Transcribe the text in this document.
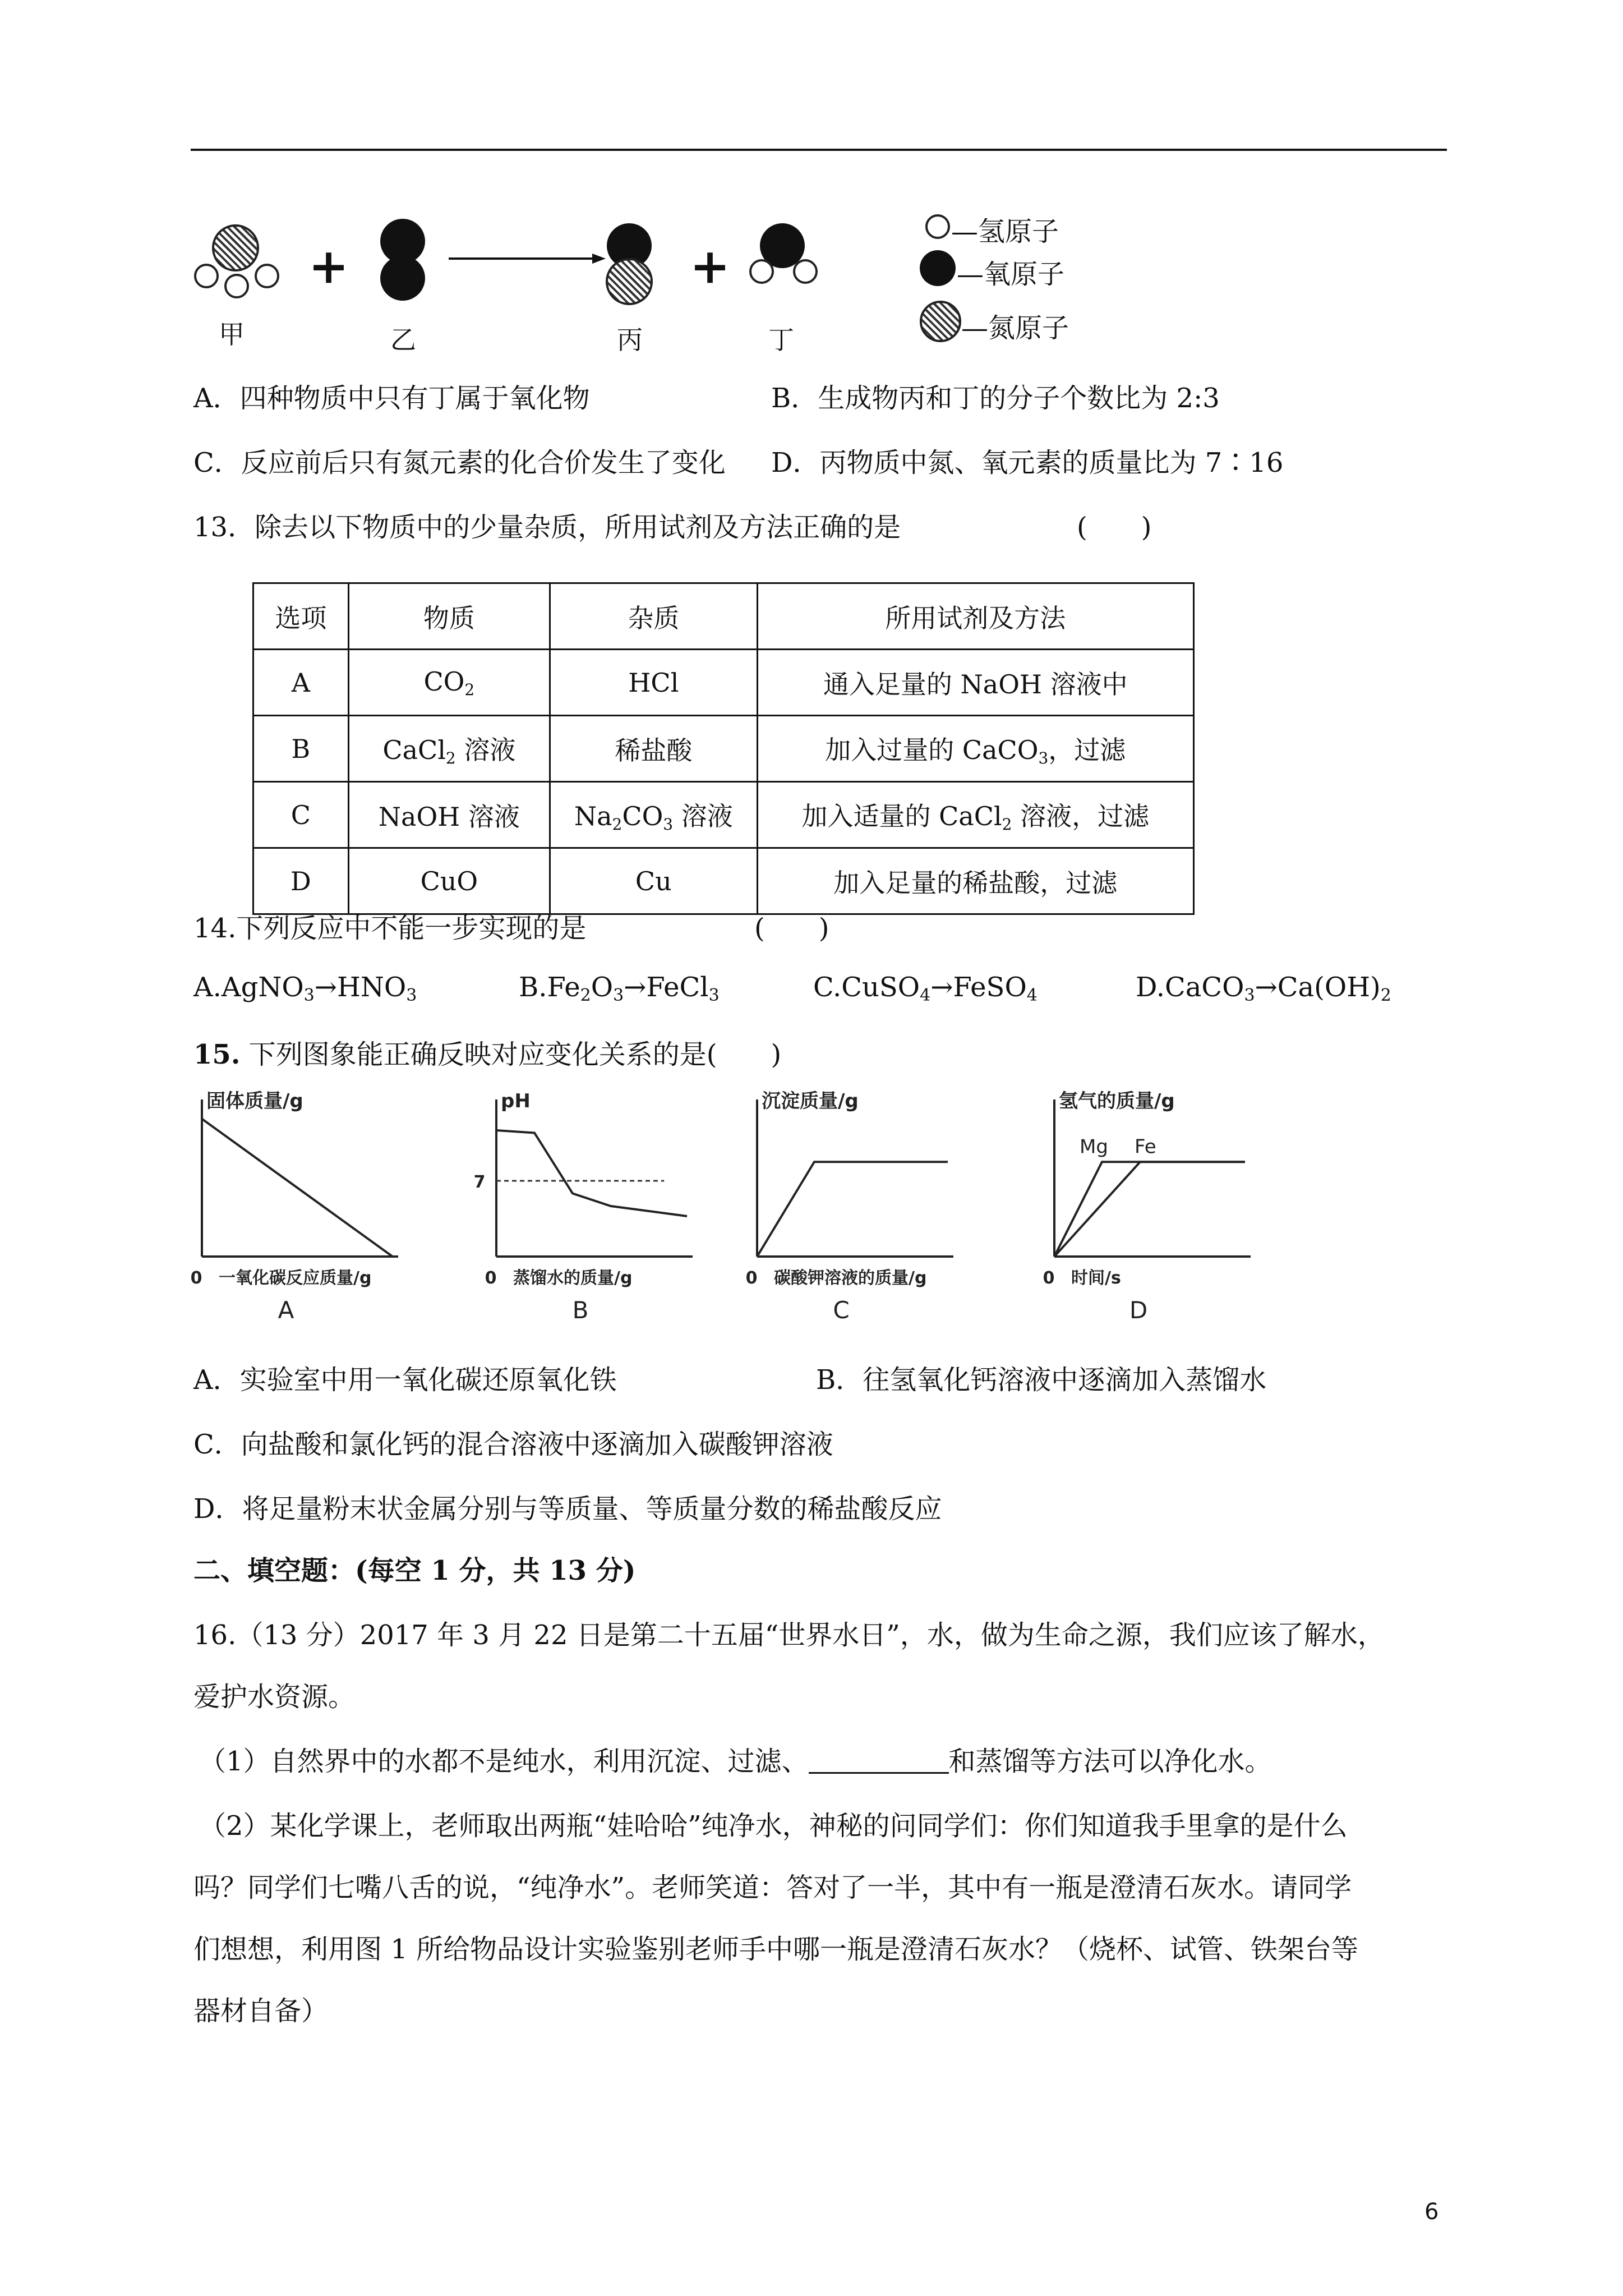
+	+
甲	乙	丙	丁
—氢原子
—氧原子
—氮原子
A．四种物质中只有丁属于氧化物	B．生成物丙和丁的分子个数比为 2:3
C．反应前后只有氮元素的化合价发生了变化 D．丙物质中氮、氧元素的质量比为 7∶16
13．除去以下物质中的少量杂质，所用试剂及方法正确的是	(　　)
选项	物质	杂质	所用试剂及方法
A	$CO_2$	HCl	通入足量的 NaOH 溶液中
B	CaCl$_2$ 溶液	稀盐酸	加入过量的 CaCO$_3$，过滤
C	NaOH 溶液	$Na_2CO_3$ 溶液	加入适量的 CaCl$_2$ 溶液，过滤
D	CuO	Cu	加入足量的稀盐酸，过滤
14.下列反应中不能一步实现的是	(　　)
$A.AgNO_3\to HNO_3$	$B.Fe_2O_3\to FeCl_3$	C.CuSO$_4$→FeSO$_4$	$D.CaCO_3\to Ca(OH)_2$
15. 下列图象能正确反映对应变化关系的是(　　)
固体质量/g
0 一氧化碳反应质量/g
A
pH
0 蒸馏水的质量/g
B
7
沉淀质量/g
0 碳酸钾溶液的质量/g
C
氢气的质量/g
0 时间/s
D
Mg Fe
A．实验室中用一氧化碳还原氧化铁	B．往氢氧化钙溶液中逐滴加入蒸馏水
C．向盐酸和氯化钙的混合溶液中逐滴加入碳酸钾溶液
D．将足量粉末状金属分别与等质量、等质量分数的稀盐酸反应
二、填空题：(每空 1 分，共 13 分)
16.（13 分）2017 年 3 月 22 日是第二十五届“世界水日”，水，做为生命之源，我们应该了解水，
爱护水资源。
（1）自然界中的水都不是纯水，利用沉淀、过滤、	和蒸馏等方法可以净化水。
（2）某化学课上，老师取出两瓶“娃哈哈”纯净水，神秘的问同学们：你们知道我手里拿的是什么
吗？同学们七嘴八舌的说，“纯净水”。老师笑道：答对了一半，其中有一瓶是澄清石灰水。请同学
们想想，利用图 1 所给物品设计实验鉴别老师手中哪一瓶是澄清石灰水？（烧杯、试管、铁架台等
器材自备）
6
